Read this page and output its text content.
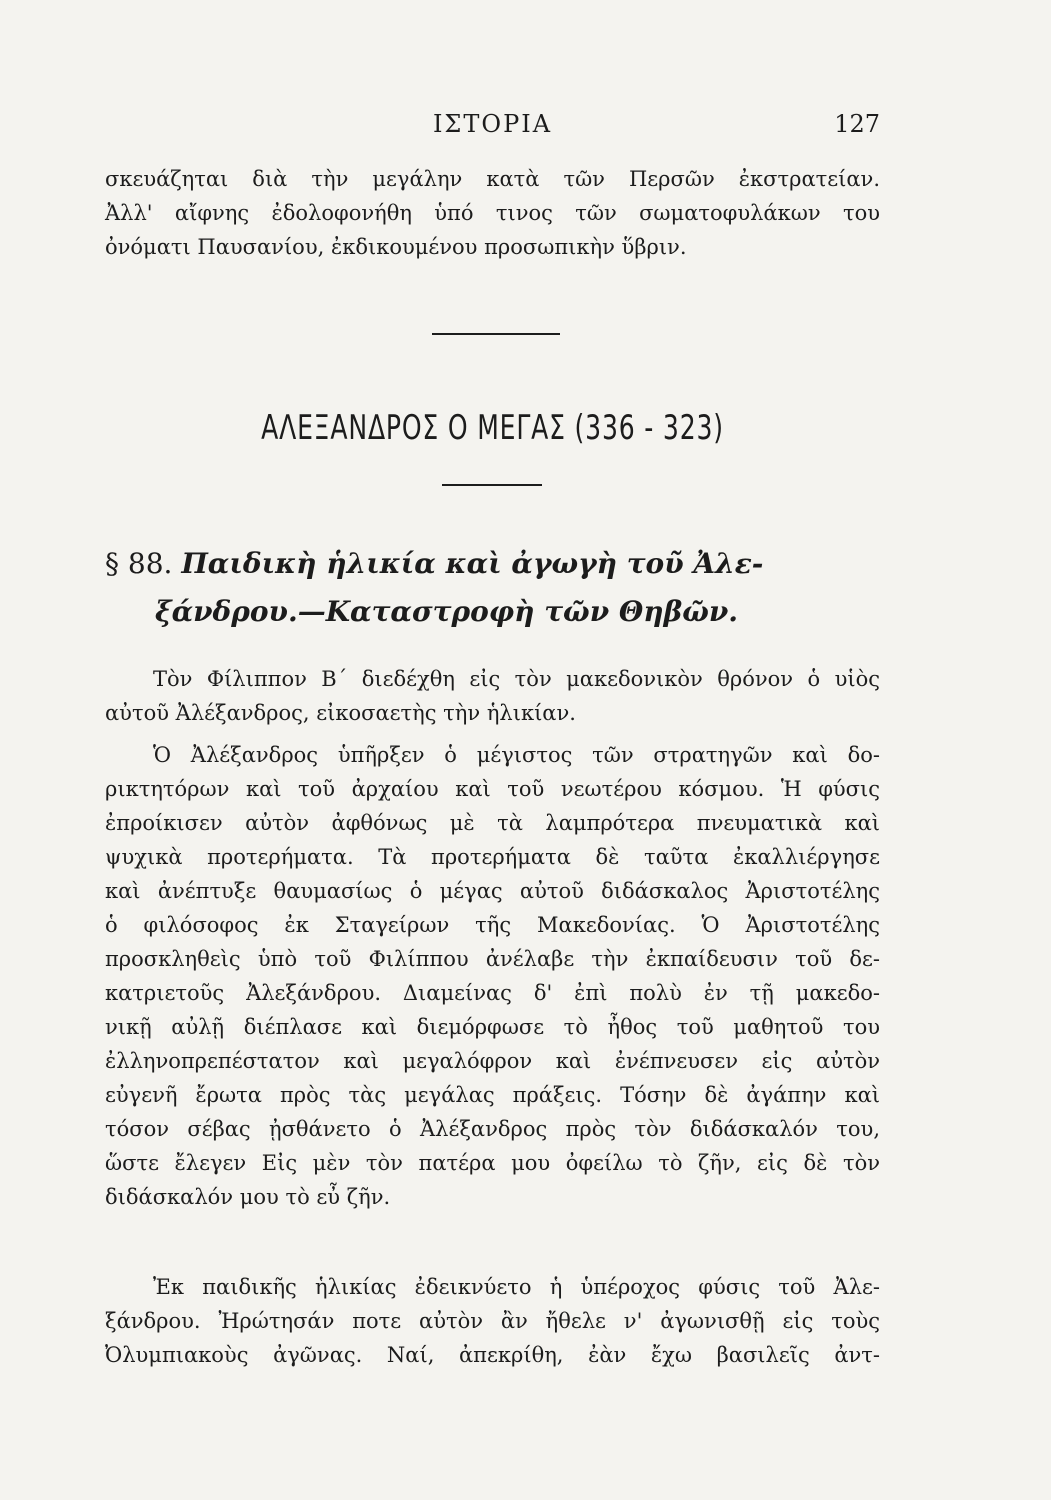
ΙΣΤΟΡΙΑ	127
σκευάζηται διὰ τὴν μεγάλην κατὰ τῶν Περσῶν ἐκστρατείαν.
Ἀλλ' αἴφνης ἐδολοφονήθη ὑπό τινος τῶν σωματοφυλάκων του
ὀνόματι Παυσανίου, ἐκδικουμένου προσωπικὴν ὕβριν.
ΑΛΕΞΑΝΔΡΟΣ Ο ΜΕΓΑΣ (336 - 323)
§ 88. Παιδικὴ ἡλικία καὶ ἀγωγὴ τοῦ Ἀλε-
ξάνδρου.—Καταστροφὴ τῶν Θηβῶν.
Τὸν Φίλιππον Β΄ διεδέχθη εἰς τὸν μακεδονικὸν θρόνον ὁ υἱὸς
αὐτοῦ Ἀλέξανδρος, εἰκοσαετὴς τὴν ἡλικίαν.
Ὁ Ἀλέξανδρος ὑπῆρξεν ὁ μέγιστος τῶν στρατηγῶν καὶ δο-
ρικτητόρων καὶ τοῦ ἀρχαίου καὶ τοῦ νεωτέρου κόσμου. Ἡ φύσις
ἐπροίκισεν αὐτὸν ἀφθόνως μὲ τὰ λαμπρότερα πνευματικὰ καὶ
ψυχικὰ προτερήματα. Τὰ προτερήματα δὲ ταῦτα ἐκαλλιέργησε
καὶ ἀνέπτυξε θαυμασίως ὁ μέγας αὐτοῦ διδάσκαλος Ἀριστοτέλης
ὁ φιλόσοφος ἐκ Σταγείρων τῆς Μακεδονίας. Ὁ Ἀριστοτέλης
προσκληθεὶς ὑπὸ τοῦ Φιλίππου ἀνέλαβε τὴν ἐκπαίδευσιν τοῦ δε-
κατριετοῦς Ἀλεξάνδρου. Διαμείνας δ' ἐπὶ πολὺ ἐν τῇ μακεδο-
νικῇ αὐλῇ διέπλασε καὶ διεμόρφωσε τὸ ἦθος τοῦ μαθητοῦ του
ἐλληνοπρεπέστατον καὶ μεγαλόφρον καὶ ἐνέπνευσεν εἰς αὐτὸν
εὐγενῆ ἔρωτα πρὸς τὰς μεγάλας πράξεις. Τόσην δὲ ἀγάπην καὶ
τόσον σέβας ᾐσθάνετο ὁ Ἀλέξανδρος πρὸς τὸν διδάσκαλόν του,
ὥστε ἔλεγεν Εἰς μὲν τὸν πατέρα μου ὀφείλω τὸ ζῆν, εἰς δὲ τὸν
διδάσκαλόν μου τὸ εὖ ζῆν.
Ἐκ παιδικῆς ἡλικίας ἐδεικνύετο ἡ ὑπέροχος φύσις τοῦ Ἀλε-
ξάνδρου. Ἠρώτησάν ποτε αὐτὸν ἂν ἤθελε ν' ἀγωνισθῇ εἰς τοὺς
Ὀλυμπιακοὺς ἀγῶνας. Ναί, ἀπεκρίθη, ἐὰν ἔχω βασιλεῖς ἀντ-
